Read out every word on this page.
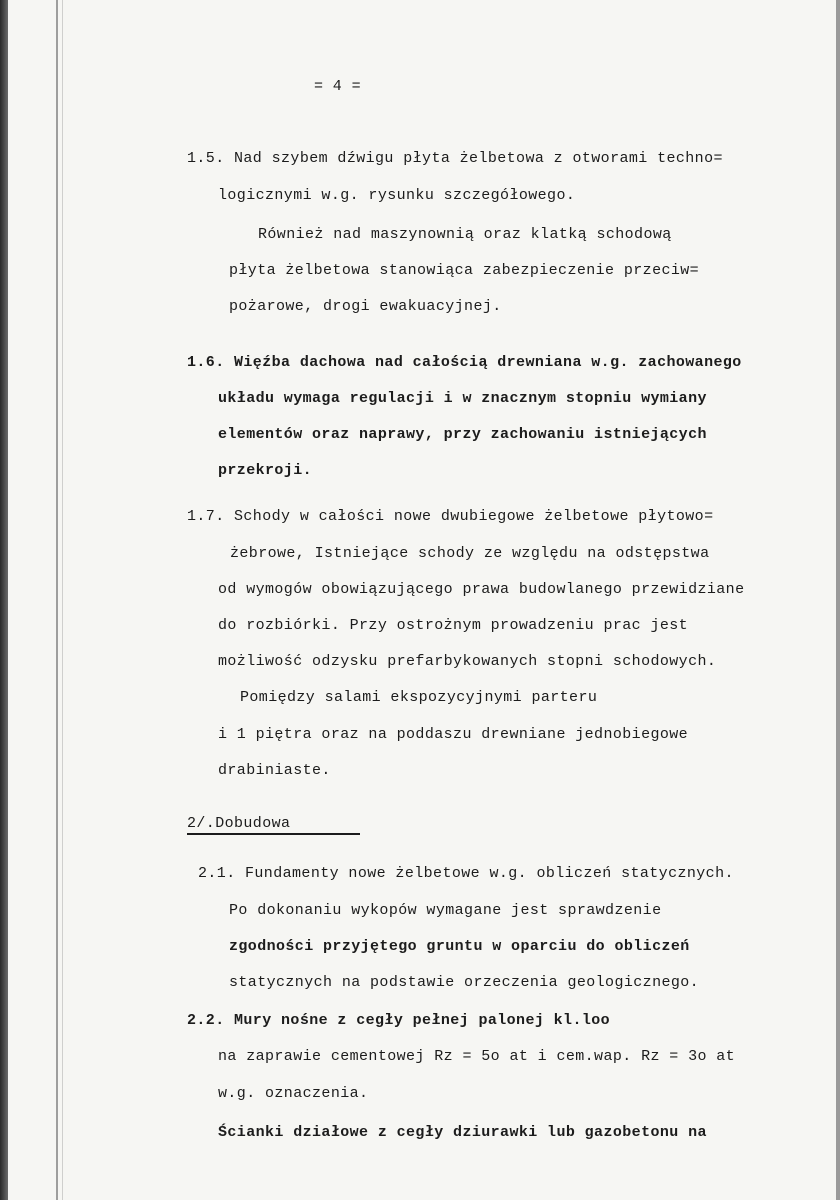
= 4 =
1.5. Nad szybem dźwigu płyta żelbetowa z otworami techno=
logicznymi w.g. rysunku szczegółowego.
Również nad maszynownią oraz klatką schodową
płyta żelbetowa stanowiąca zabezpieczenie przeciw=
pożarowe, drogi ewakuacyjnej.
1.6. Więźba dachowa nad całością drewniana w.g. zachowanego
układu wymaga regulacji i w znacznym stopniu wymiany
elementów oraz naprawy, przy zachowaniu istniejących
przekroji.
1.7. Schody w całości nowe dwubiegowe żelbetowe płytowo=
żebrowe, Istniejące schody ze względu na odstępstwa
od wymogów obowiązującego prawa budowlanego przewidziane
do rozbiórki. Przy ostrożnym prowadzeniu prac jest
możliwość odzysku prefarbykowanych stopni schodowych.
Pomiędzy salami ekspozycyjnymi parteru
i 1 piętra oraz na poddaszu drewniane jednobiegowe
drabiniaste.
2/.Dobudowa
2.1. Fundamenty nowe żelbetowe w.g. obliczeń statycznych.
Po dokonaniu wykopów wymagane jest sprawdzenie
zgodności przyjętego gruntu w oparciu do obliczeń
statycznych na podstawie orzeczenia geologicznego.
2.2. Mury nośne z cegły pełnej palonej kl.loo
na zaprawie cementowej Rz = 5o at i cem.wap. Rz = 3o at
w.g. oznaczenia.
Ścianki działowe z cegły dziurawki lub gazobetonu na
